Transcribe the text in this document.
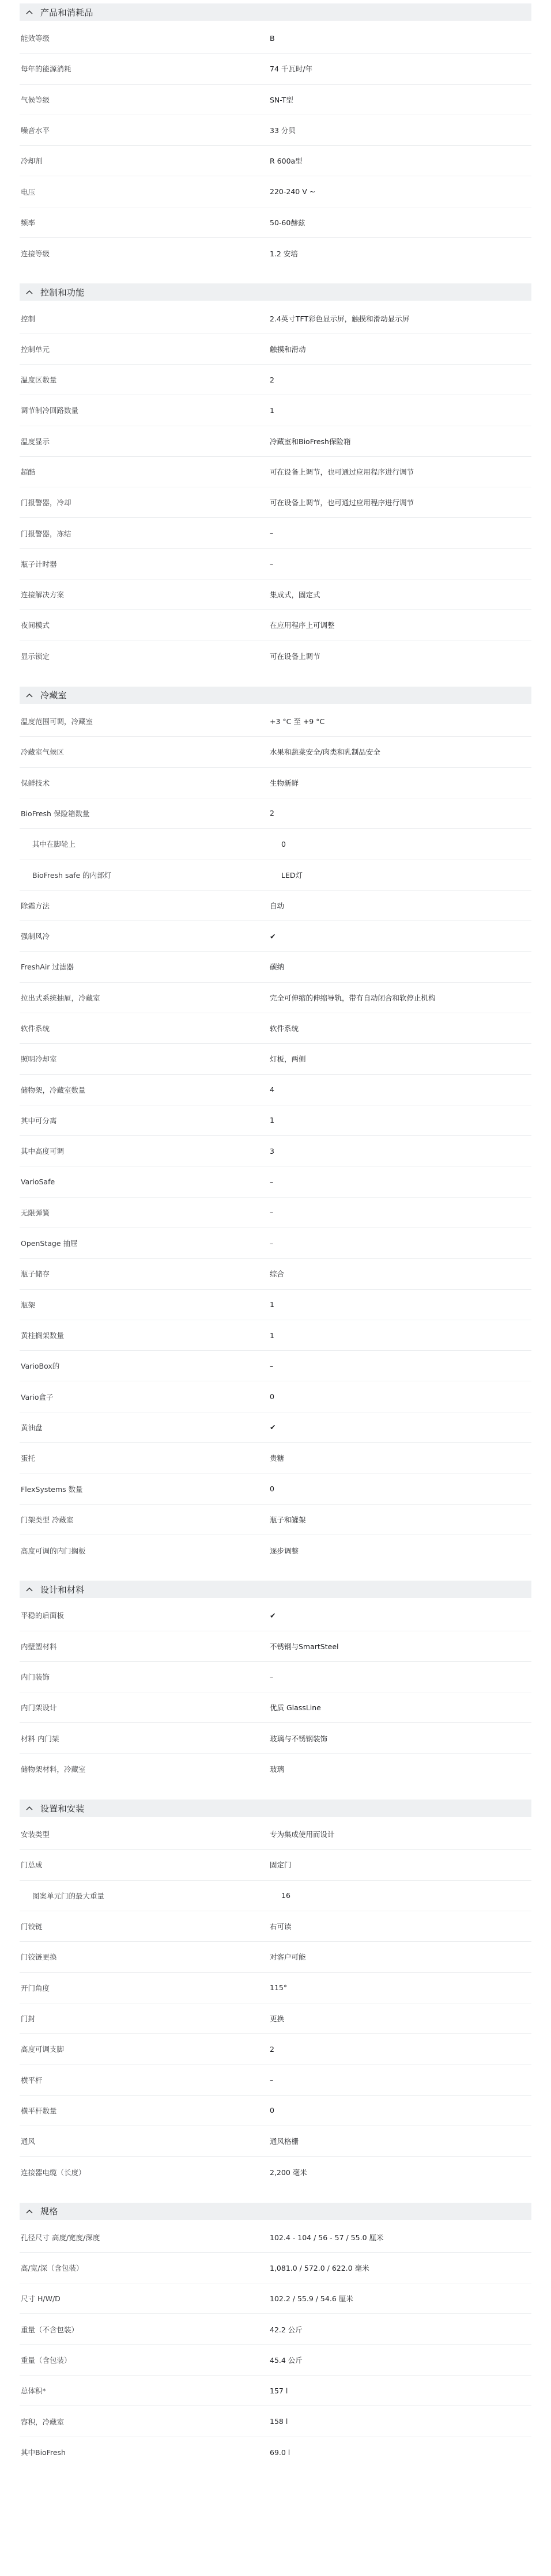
产品和消耗品
能效等级	B
每年的能源消耗	74 千瓦时/年
气候等级	SN-T型
噪音水平	33 分贝
冷却剂	R 600a型
电压	220-240 V ~
频率	50-60赫兹
连接等级	1.2 安培
控制和功能
控制	2.4英寸TFT彩色显示屏，触摸和滑动显示屏
控制单元	触摸和滑动
温度区数量	2
调节制冷回路数量	1
温度显示	冷藏室和BioFresh保险箱
超酷	可在设备上调节，也可通过应用程序进行调节
门报警器，冷却	可在设备上调节，也可通过应用程序进行调节
门报警器，冻结	–
瓶子计时器	–
连接解决方案	集成式，固定式
夜间模式	在应用程序上可调整
显示锁定	可在设备上调节
冷藏室
温度范围可调，冷藏室	+3 °C 至 +9 °C
冷藏室气候区	水果和蔬菜安全/肉类和乳制品安全
保鲜技术	生物新鲜
BioFresh 保险箱数量	2
其中在脚轮上	0
BioFresh safe 的内部灯	LED灯
除霜方法	自动
强制风冷	✔
FreshAir 过滤器	碳纳
拉出式系统抽屉，冷藏室	完全可伸缩的伸缩导轨，带有自动闭合和软停止机构
软件系统	软件系统
照明冷却室	灯板，两侧
储物架，冷藏室数量	4
其中可分离	1
其中高度可调	3
VarioSafe	–
无限弹簧	–
OpenStage 抽屉	–
瓶子储存	综合
瓶架	1
黄柱搁架数量	1
VarioBox的	–
Vario盒子	0
黄油盘	✔
蛋托	贵糖
FlexSystems 数量	0
门架类型 冷藏室	瓶子和罐架
高度可调的内门搁板	逐步调整
设计和材料
平稳的后面板	✔
内壁塑材料	不锈钢与SmartSteel
内门装饰	–
内门架设计	优质 GlassLine
材料 内门架	玻璃与不锈钢装饰
储物架材料，冷藏室	玻璃
设置和安装
安装类型	专为集成使用而设计
门总成	固定门
图案单元门的最大重量	16
门铰链	右可读
门铰链更换	对客户可能
开门角度	115°
门封	更换
高度可调支脚	2
横平杆	–
横平杆数量	0
通风	通风格栅
连接器电缆（长度）	2,200 毫米
规格
孔径尺寸 高度/宽度/深度	102.4 - 104 / 56 - 57 / 55.0 厘米
高/宽/深（含包装）	1,081.0 / 572.0 / 622.0 毫米
尺寸 H/W/D	102.2 / 55.9 / 54.6 厘米
重量（不含包装）	42.2 公斤
重量（含包装）	45.4 公斤
总体积*	157 l
容积，冷藏室	158 l
其中BioFresh	69.0 l
